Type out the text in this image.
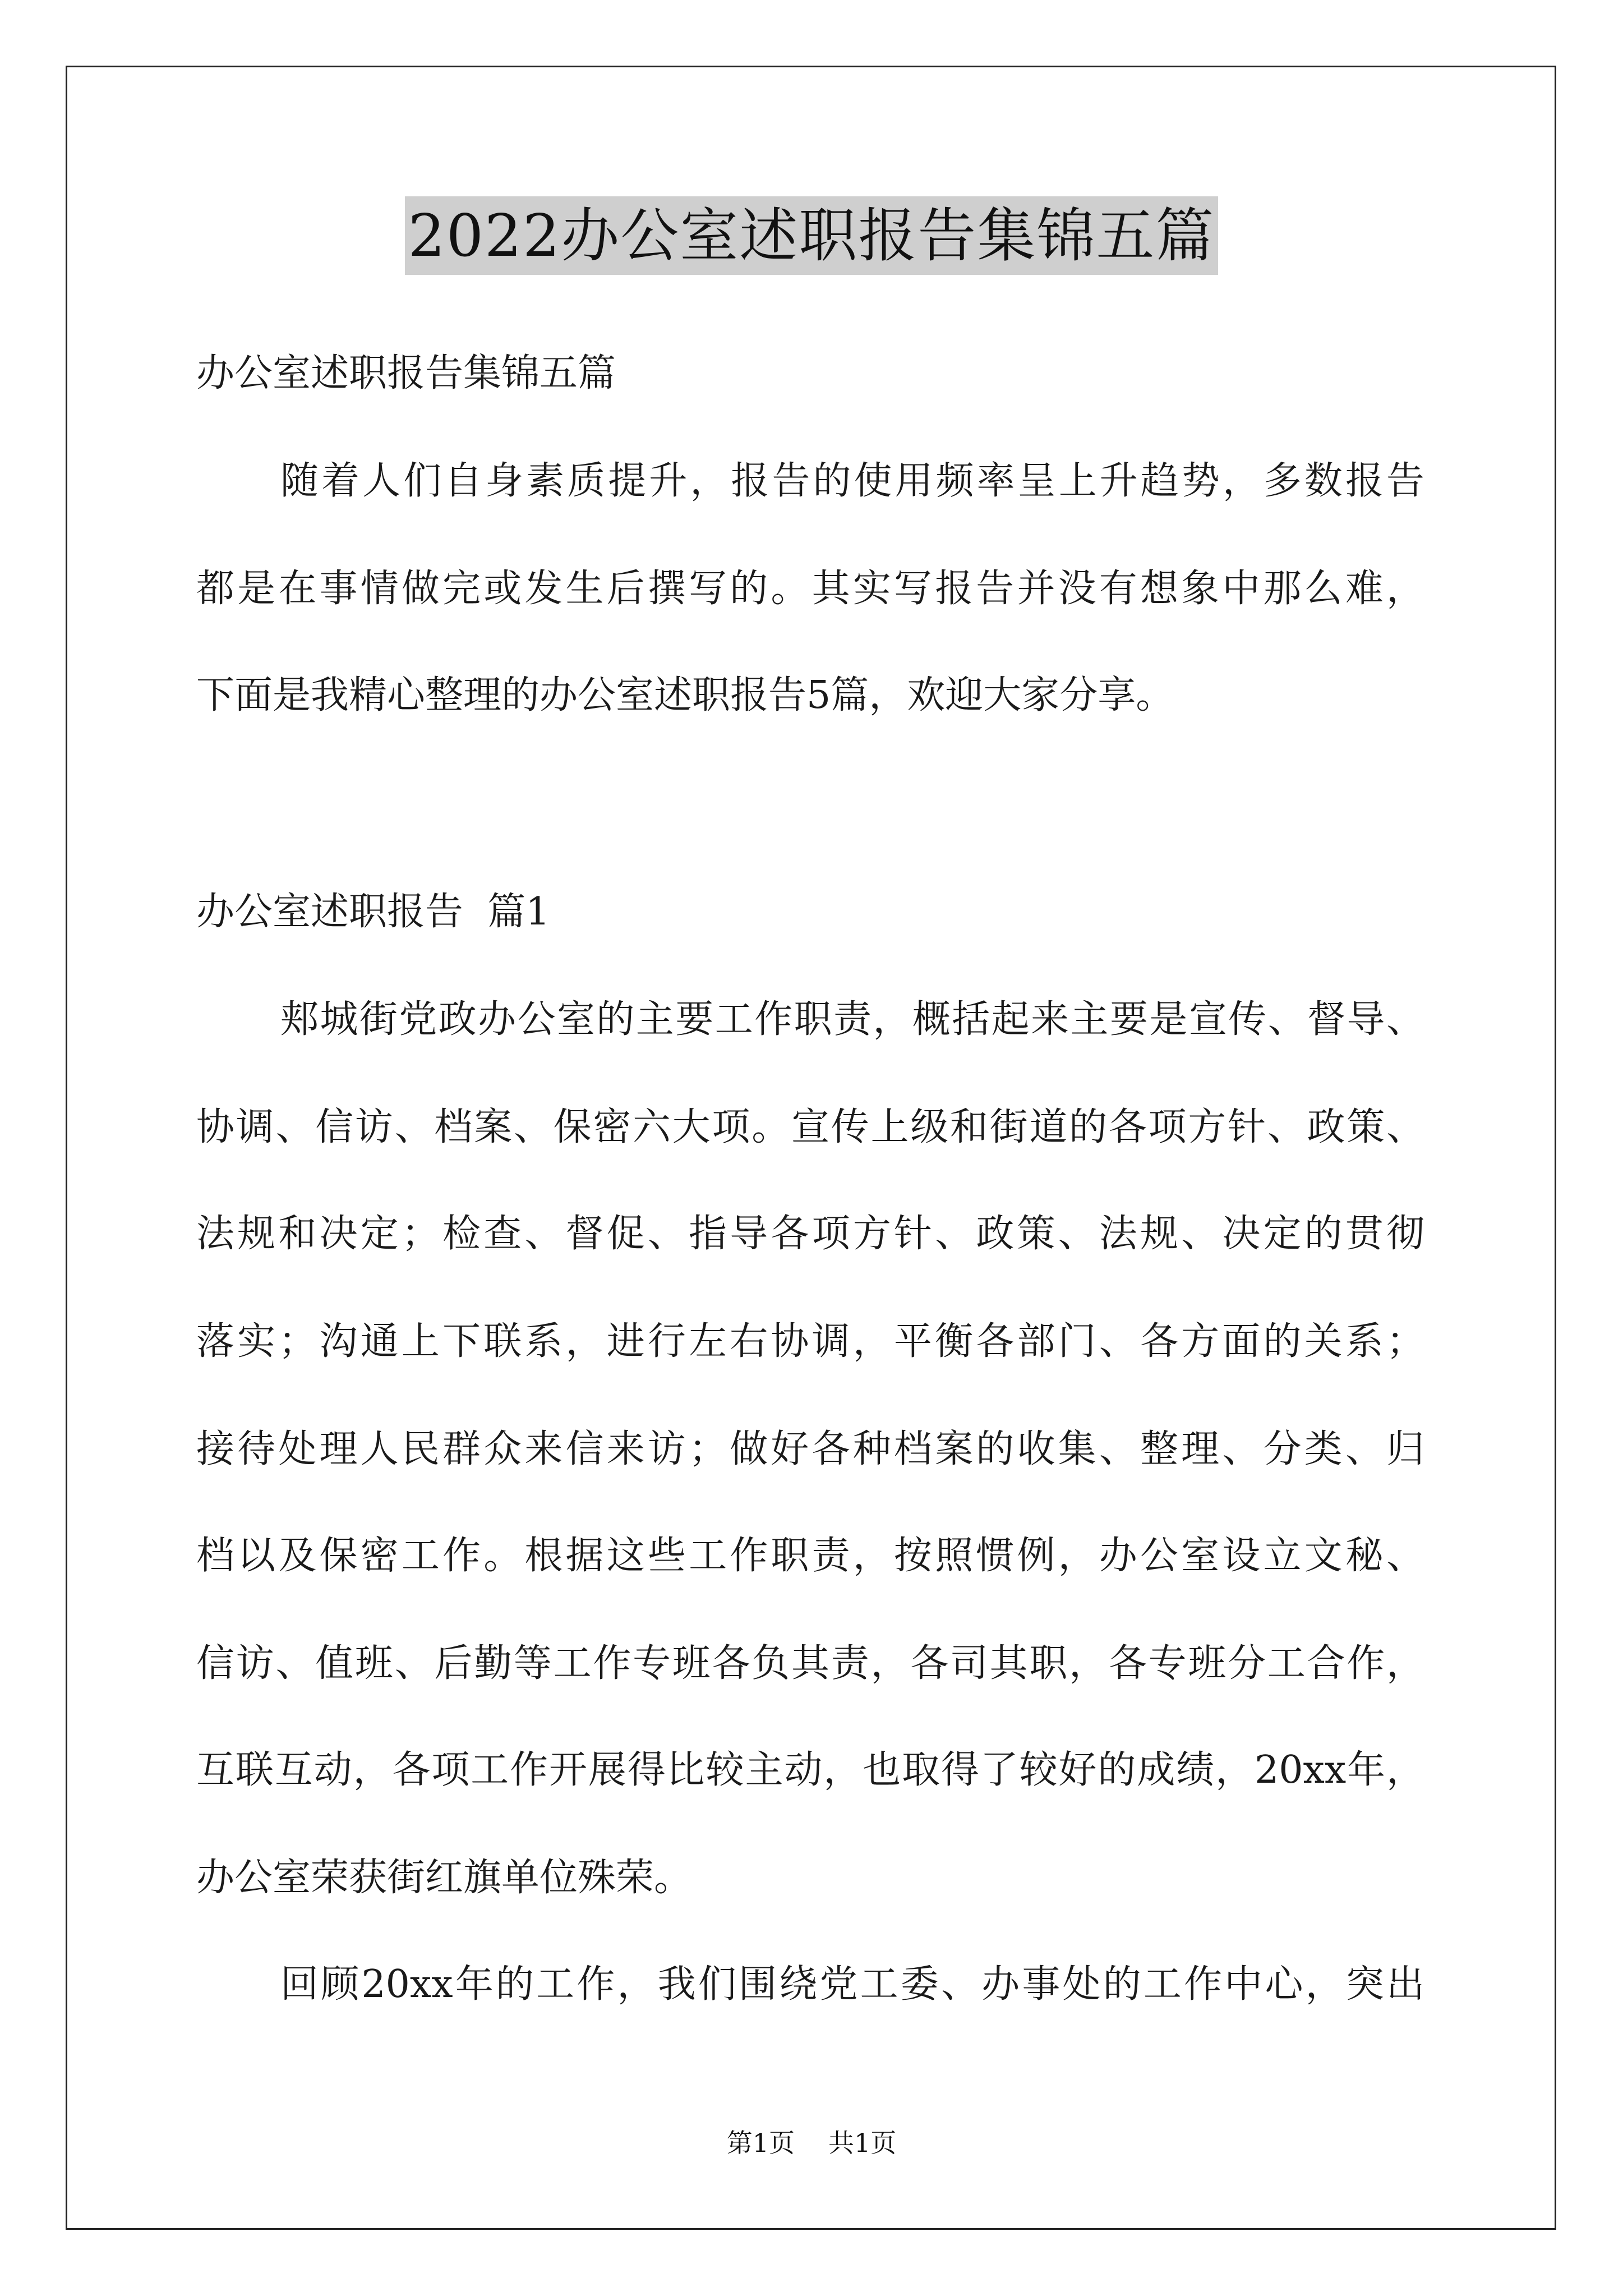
2022办公室述职报告集锦五篇
办公室述职报告集锦五篇
随着人们自身素质提升，报告的使用频率呈上升趋势，多数报告
都是在事情做完或发生后撰写的。其实写报告并没有想象中那么难，
下面是我精心整理的办公室述职报告5篇，欢迎大家分享。
办公室述职报告  篇1
郏城街党政办公室的主要工作职责，概括起来主要是宣传、督导、
协调、信访、档案、保密六大项。宣传上级和街道的各项方针、政策、
法规和决定；检查、督促、指导各项方针、政策、法规、决定的贯彻
落实；沟通上下联系，进行左右协调，平衡各部门、各方面的关系；
接待处理人民群众来信来访；做好各种档案的收集、整理、分类、归
档以及保密工作。根据这些工作职责，按照惯例，办公室设立文秘、
信访、值班、后勤等工作专班各负其责，各司其职，各专班分工合作，
互联互动，各项工作开展得比较主动，也取得了较好的成绩，20xx年，
办公室荣获街红旗单位殊荣。
回顾20xx年的工作，我们围绕党工委、办事处的工作中心，突出
第1页 共1页
